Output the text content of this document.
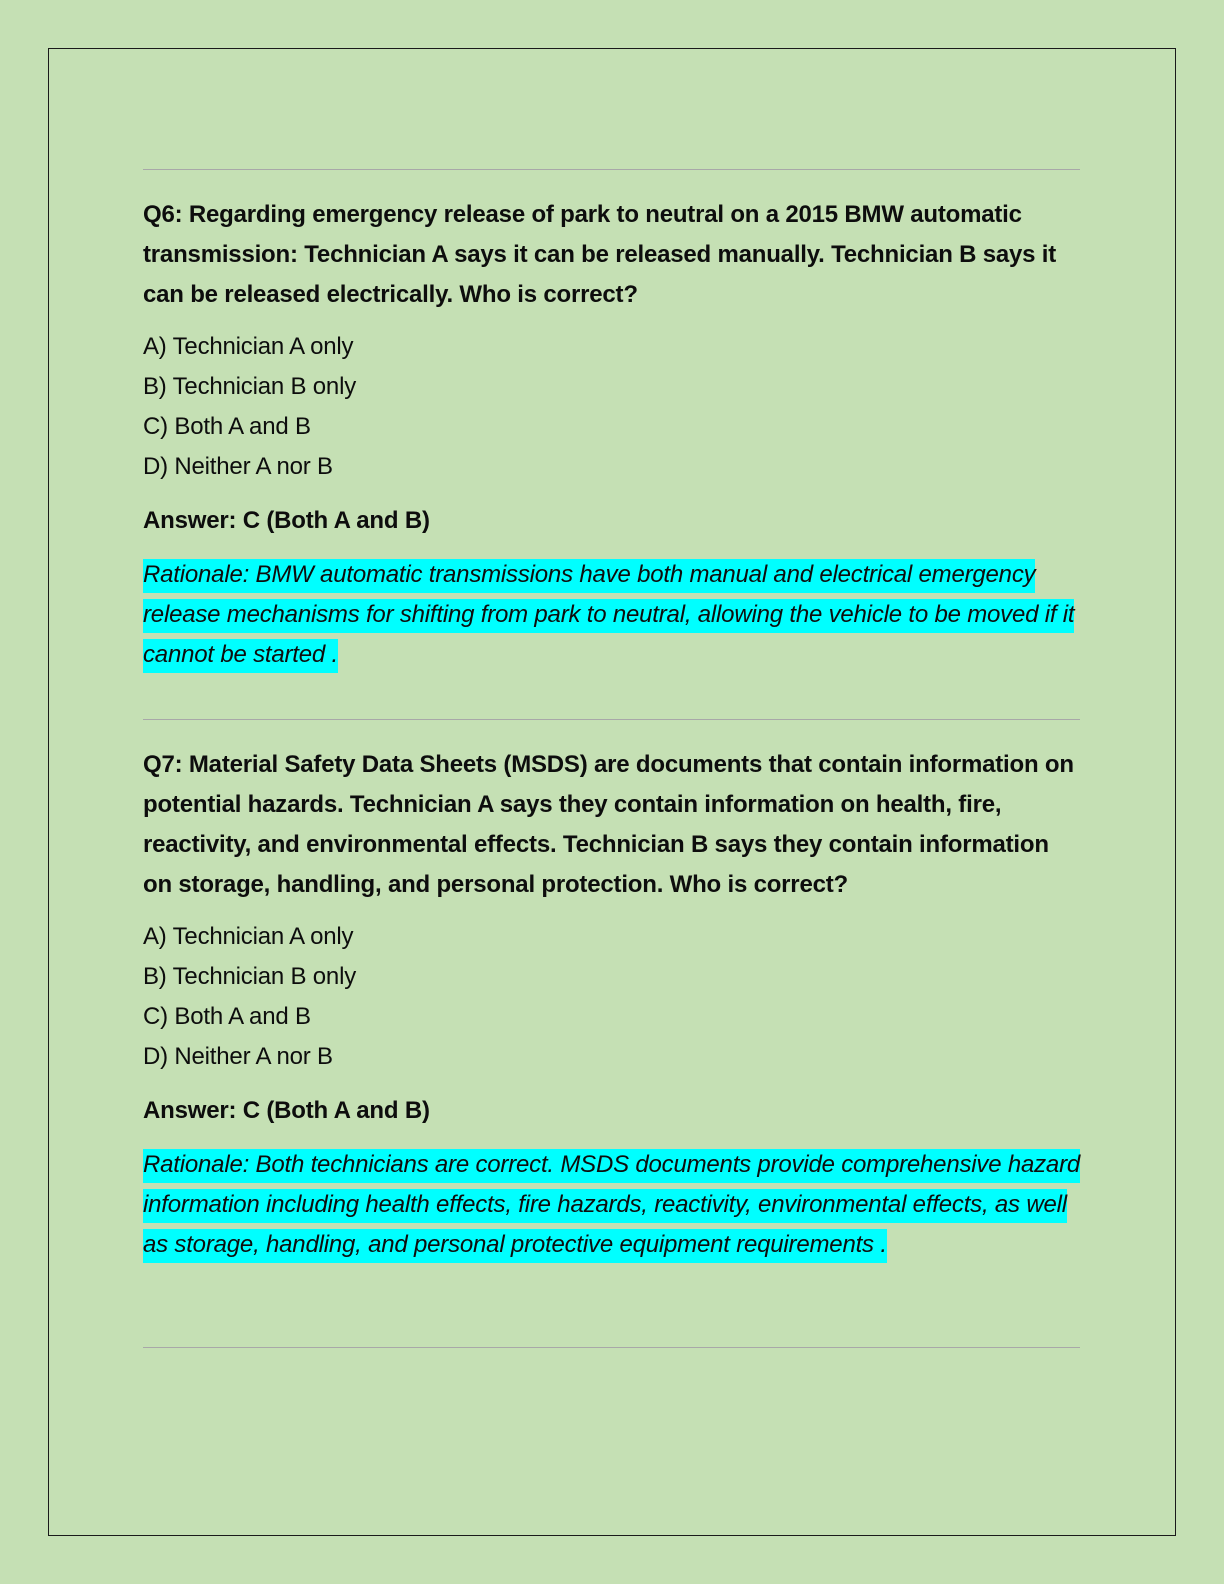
Q6: Regarding emergency release of park to neutral on a 2015 BMW automatic transmission: Technician A says it can be released manually. Technician B says it can be released electrically. Who is correct?

A) Technician A only
B) Technician B only
C) Both A and B
D) Neither A nor B

Answer: C (Both A and B)

Rationale: BMW automatic transmissions have both manual and electrical emergency release mechanisms for shifting from park to neutral, allowing the vehicle to be moved if it cannot be started .

Q7: Material Safety Data Sheets (MSDS) are documents that contain information on potential hazards. Technician A says they contain information on health, fire, reactivity, and environmental effects. Technician B says they contain information on storage, handling, and personal protection. Who is correct?

A) Technician A only
B) Technician B only
C) Both A and B
D) Neither A nor B

Answer: C (Both A and B)

Rationale: Both technicians are correct. MSDS documents provide comprehensive hazard information including health effects, fire hazards, reactivity, environmental effects, as well as storage, handling, and personal protective equipment requirements .
